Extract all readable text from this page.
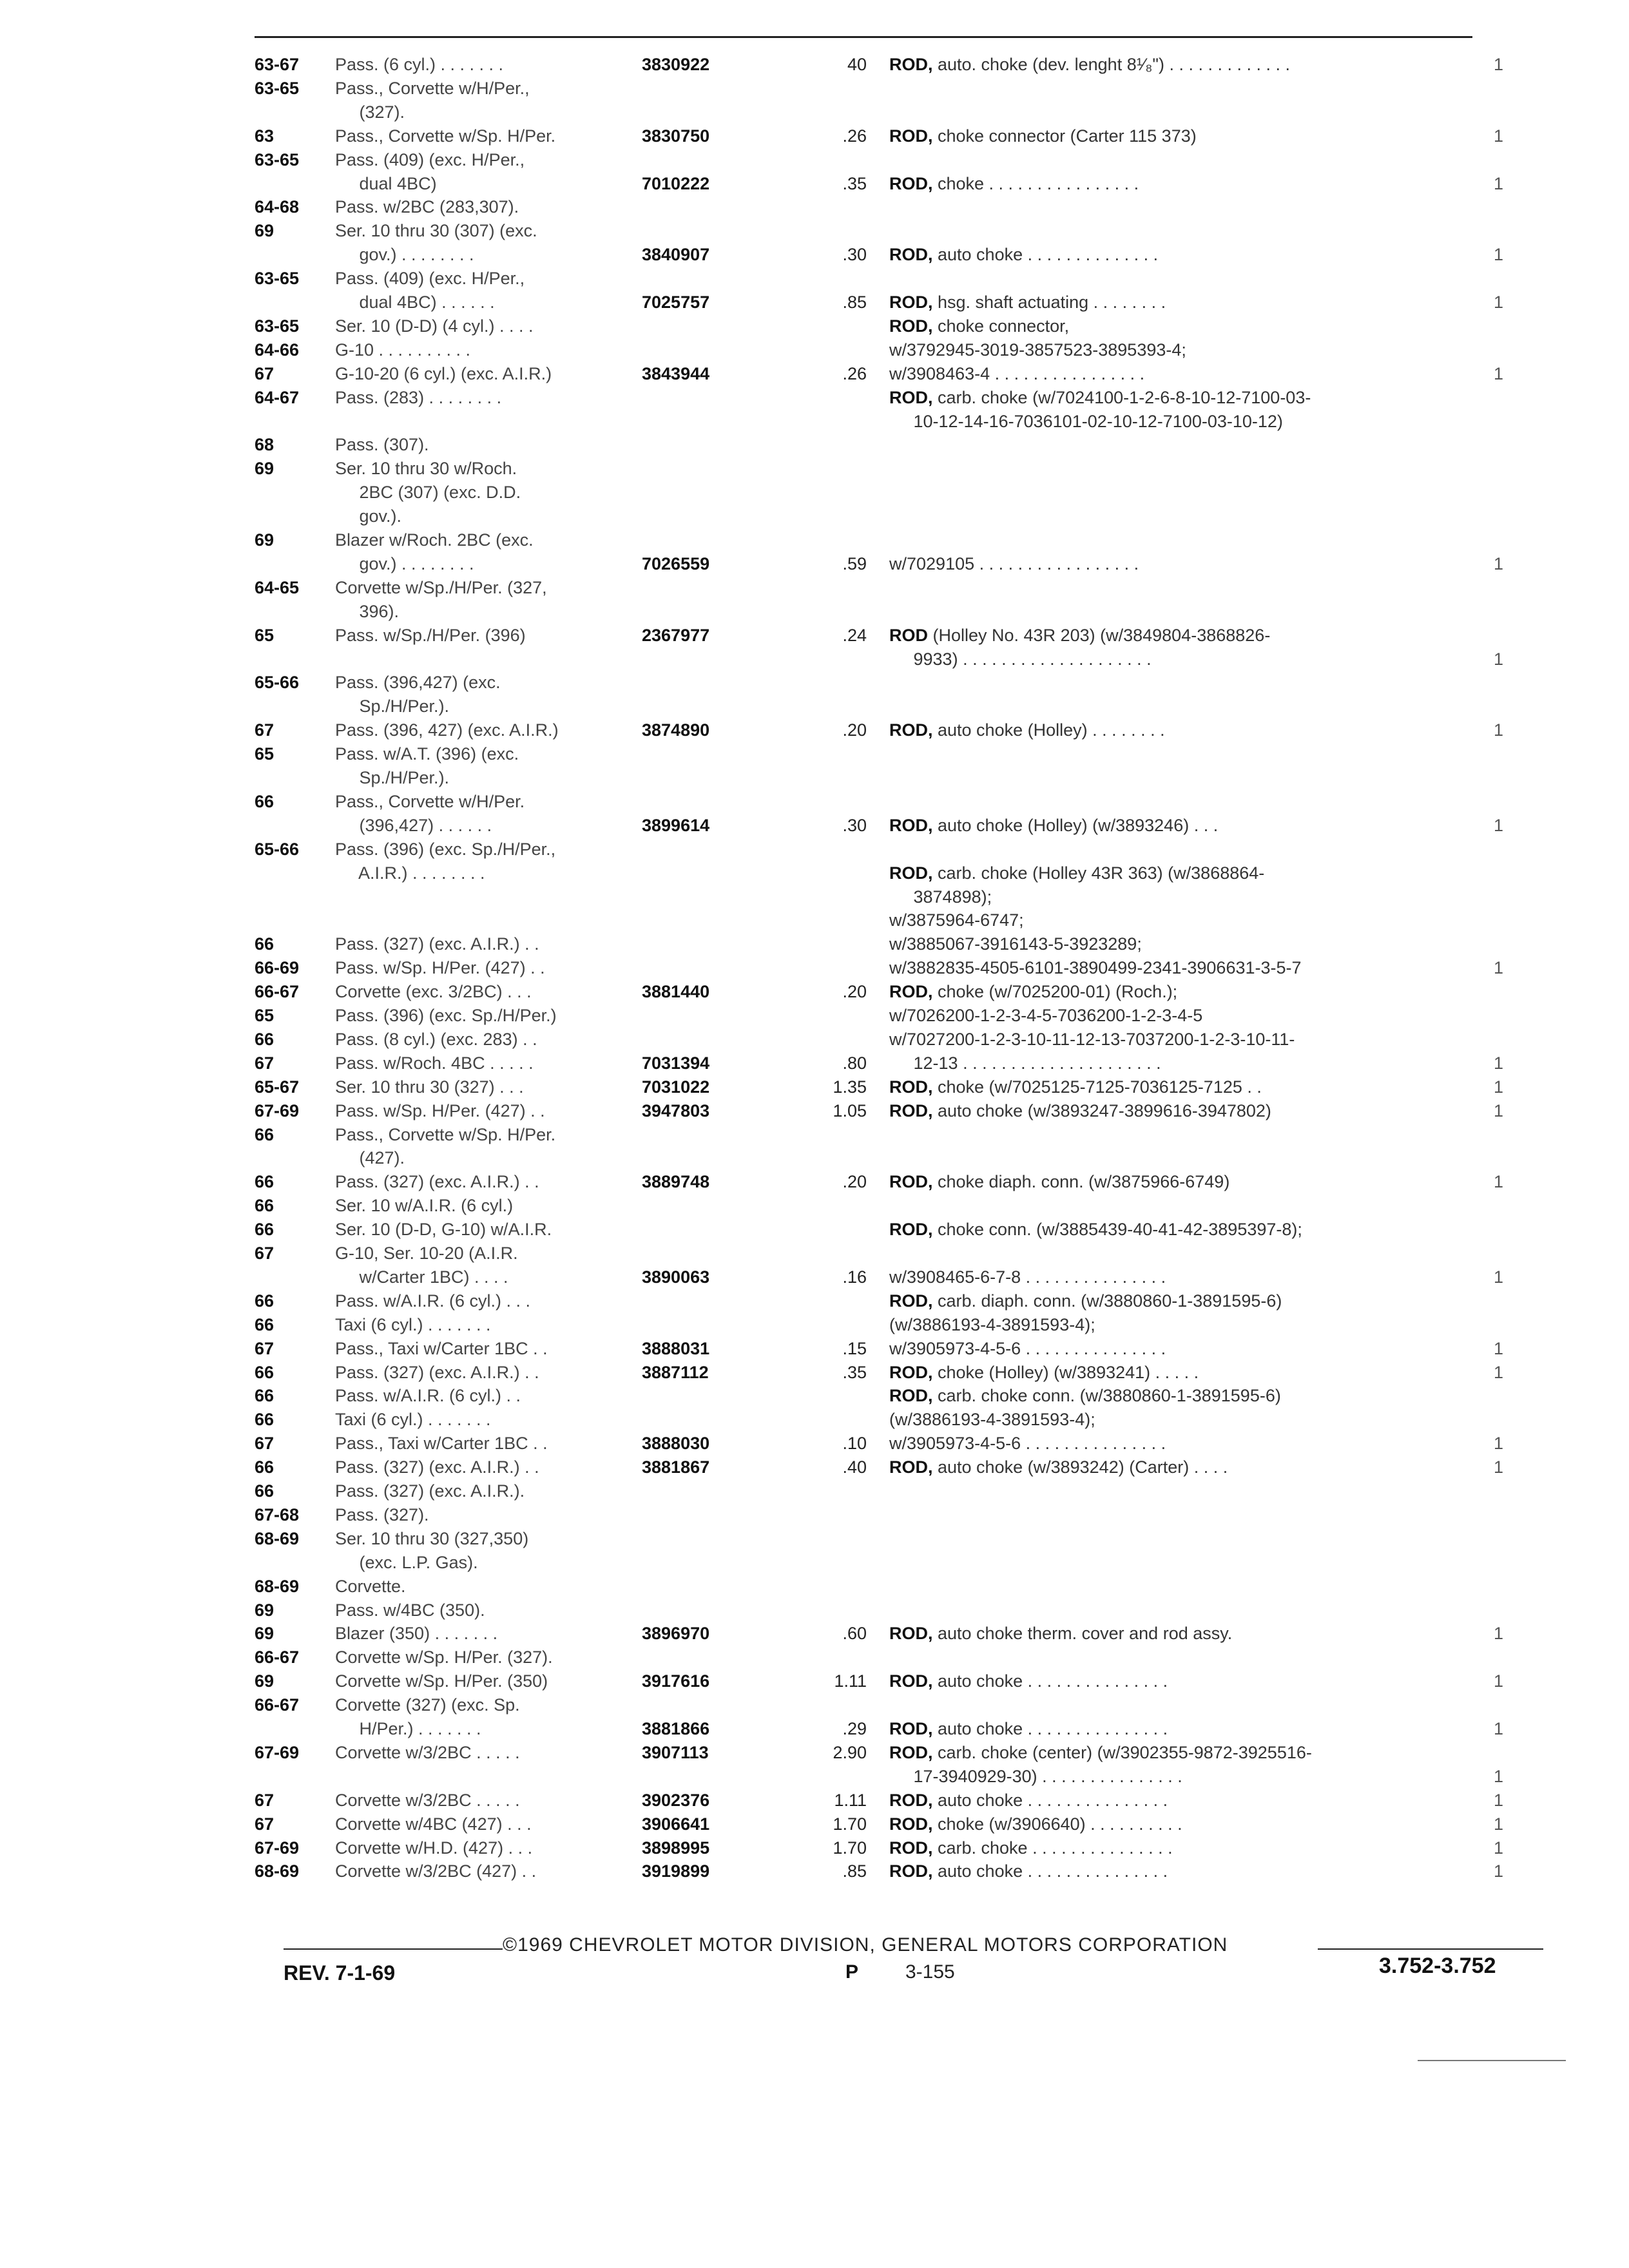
63-67 Pass. (6 cyl.) . . . . . . .	3830922	40 ROD, auto. choke (dev. lenght 8¹⁄₈") . . . . . . . . . . . . .	1
63-65 Pass., Corvette w/H/Per.,
(327).
63	Pass., Corvette w/Sp. H/Per.	3830750	.26 ROD, choke connector (Carter 115 373)	1
63-65 Pass. (409) (exc. H/Per.,
dual 4BC)	7010222	.35 ROD, choke . . . . . . . . . . . . . . . .	1
64-68 Pass. w/2BC (283,307).
69	Ser. 10 thru 30 (307) (exc.
gov.) . . . . . . . .	3840907	.30 ROD, auto choke . . . . . . . . . . . . . .	1
63-65 Pass. (409) (exc. H/Per.,
dual 4BC) . . . . . .	7025757	.85 ROD, hsg. shaft actuating . . . . . . . .	1
63-65 Ser. 10 (D-D) (4 cyl.) . . . .	ROD, choke connector,
64-66 G-10 . . . . . . . . . .	w/3792945-3019-3857523-3895393-4;
67	G-10-20 (6 cyl.) (exc. A.I.R.)	3843944	.26 w/3908463-4 . . . . . . . . . . . . . . . .	1
64-67 Pass. (283) . . . . . . . .	ROD, carb. choke (w/7024100-1-2-6-8-10-12-7100-03-
10-12-14-16-7036101-02-10-12-7100-03-10-12)
68	Pass. (307).
69	Ser. 10 thru 30 w/Roch.
2BC (307) (exc. D.D.
gov.).
69	Blazer w/Roch. 2BC (exc.
gov.) . . . . . . . .	7026559	.59 w/7029105 . . . . . . . . . . . . . . . . .	1
64-65 Corvette w/Sp./H/Per. (327,
396).
65	Pass. w/Sp./H/Per. (396)	2367977	.24 ROD (Holley No. 43R 203) (w/3849804-3868826-
9933) . . . . . . . . . . . . . . . . . . . .	1
65-66 Pass. (396,427) (exc.
Sp./H/Per.).
67	Pass. (396, 427) (exc. A.I.R.)	3874890	.20 ROD, auto choke (Holley) . . . . . . . .	1
65	Pass. w/A.T. (396) (exc.
Sp./H/Per.).
66	Pass., Corvette w/H/Per.
(396,427) . . . . . .	3899614	.30 ROD, auto choke (Holley) (w/3893246) . . .	1
65-66 Pass. (396) (exc. Sp./H/Per.,
A.I.R.) . . . . . . . .	ROD, carb. choke (Holley 43R 363) (w/3868864-
3874898);
w/3875964-6747;
66	Pass. (327) (exc. A.I.R.) . .	w/3885067-3916143-5-3923289;
66-69 Pass. w/Sp. H/Per. (427) . .	w/3882835-4505-6101-3890499-2341-3906631-3-5-7	1
66-67 Corvette (exc. 3/2BC) . . .	3881440	.20 ROD, choke (w/7025200-01) (Roch.);
65	Pass. (396) (exc. Sp./H/Per.)	w/7026200-1-2-3-4-5-7036200-1-2-3-4-5
66	Pass. (8 cyl.) (exc. 283) . .	w/7027200-1-2-3-10-11-12-13-7037200-1-2-3-10-11-
67	Pass. w/Roch. 4BC . . . . .	7031394	.80 12-13 . . . . . . . . . . . . . . . . . . . . .	1
65-67 Ser. 10 thru 30 (327) . . .	7031022	1.35 ROD, choke (w/7025125-7125-7036125-7125 . .	1
67-69 Pass. w/Sp. H/Per. (427) . .	3947803	1.05 ROD, auto choke (w/3893247-3899616-3947802)	1
66	Pass., Corvette w/Sp. H/Per.
(427).
66	Pass. (327) (exc. A.I.R.) . .	3889748	.20 ROD, choke diaph. conn. (w/3875966-6749)	1
66	Ser. 10 w/A.I.R. (6 cyl.)
66	Ser. 10 (D-D, G-10) w/A.I.R.	ROD, choke conn. (w/3885439-40-41-42-3895397-8);
67	G-10, Ser. 10-20 (A.I.R.
w/Carter 1BC) . . . .	3890063	.16 w/3908465-6-7-8 . . . . . . . . . . . . . . .	1
66	Pass. w/A.I.R. (6 cyl.) . . .	ROD, carb. diaph. conn. (w/3880860-1-3891595-6)
66	Taxi (6 cyl.) . . . . . . .	(w/3886193-4-3891593-4);
67	Pass., Taxi w/Carter 1BC . .	3888031	.15 w/3905973-4-5-6 . . . . . . . . . . . . . . .	1
66	Pass. (327) (exc. A.I.R.) . .	3887112	.35 ROD, choke (Holley) (w/3893241) . . . . .	1
66	Pass. w/A.I.R. (6 cyl.) . .	ROD, carb. choke conn. (w/3880860-1-3891595-6)
66	Taxi (6 cyl.) . . . . . . .	(w/3886193-4-3891593-4);
67	Pass., Taxi w/Carter 1BC . .	3888030	.10 w/3905973-4-5-6 . . . . . . . . . . . . . . .	1
66	Pass. (327) (exc. A.I.R.) . .	3881867	.40 ROD, auto choke (w/3893242) (Carter) . . . .	1
66	Pass. (327) (exc. A.I.R.).
67-68 Pass. (327).
68-69 Ser. 10 thru 30 (327,350)
(exc. L.P. Gas).
68-69 Corvette.
69	Pass. w/4BC (350).
69	Blazer (350) . . . . . . .	3896970	.60 ROD, auto choke therm. cover and rod assy.	1
66-67 Corvette w/Sp. H/Per. (327).
69	Corvette w/Sp. H/Per. (350)	3917616	1.11 ROD, auto choke . . . . . . . . . . . . . . .	1
66-67 Corvette (327) (exc. Sp.
H/Per.) . . . . . . .	3881866	.29 ROD, auto choke . . . . . . . . . . . . . . .	1
67-69 Corvette w/3/2BC . . . . .	3907113	2.90 ROD, carb. choke (center) (w/3902355-9872-3925516-
17-3940929-30) . . . . . . . . . . . . . . .	1
67	Corvette w/3/2BC . . . . .	3902376	1.11 ROD, auto choke . . . . . . . . . . . . . . .	1
67	Corvette w/4BC (427) . . .	3906641	1.70 ROD, choke (w/3906640) . . . . . . . . . .	1
67-69 Corvette w/H.D. (427) . . .	3898995	1.70 ROD, carb. choke . . . . . . . . . . . . . . .	1
68-69 Corvette w/3/2BC (427) . .	3919899	.85 ROD, auto choke . . . . . . . . . . . . . . .	1
©1969 CHEVROLET MOTOR DIVISION, GENERAL MOTORS CORPORATION
REV. 7-1-69	P 3-155	3.752-3.752
